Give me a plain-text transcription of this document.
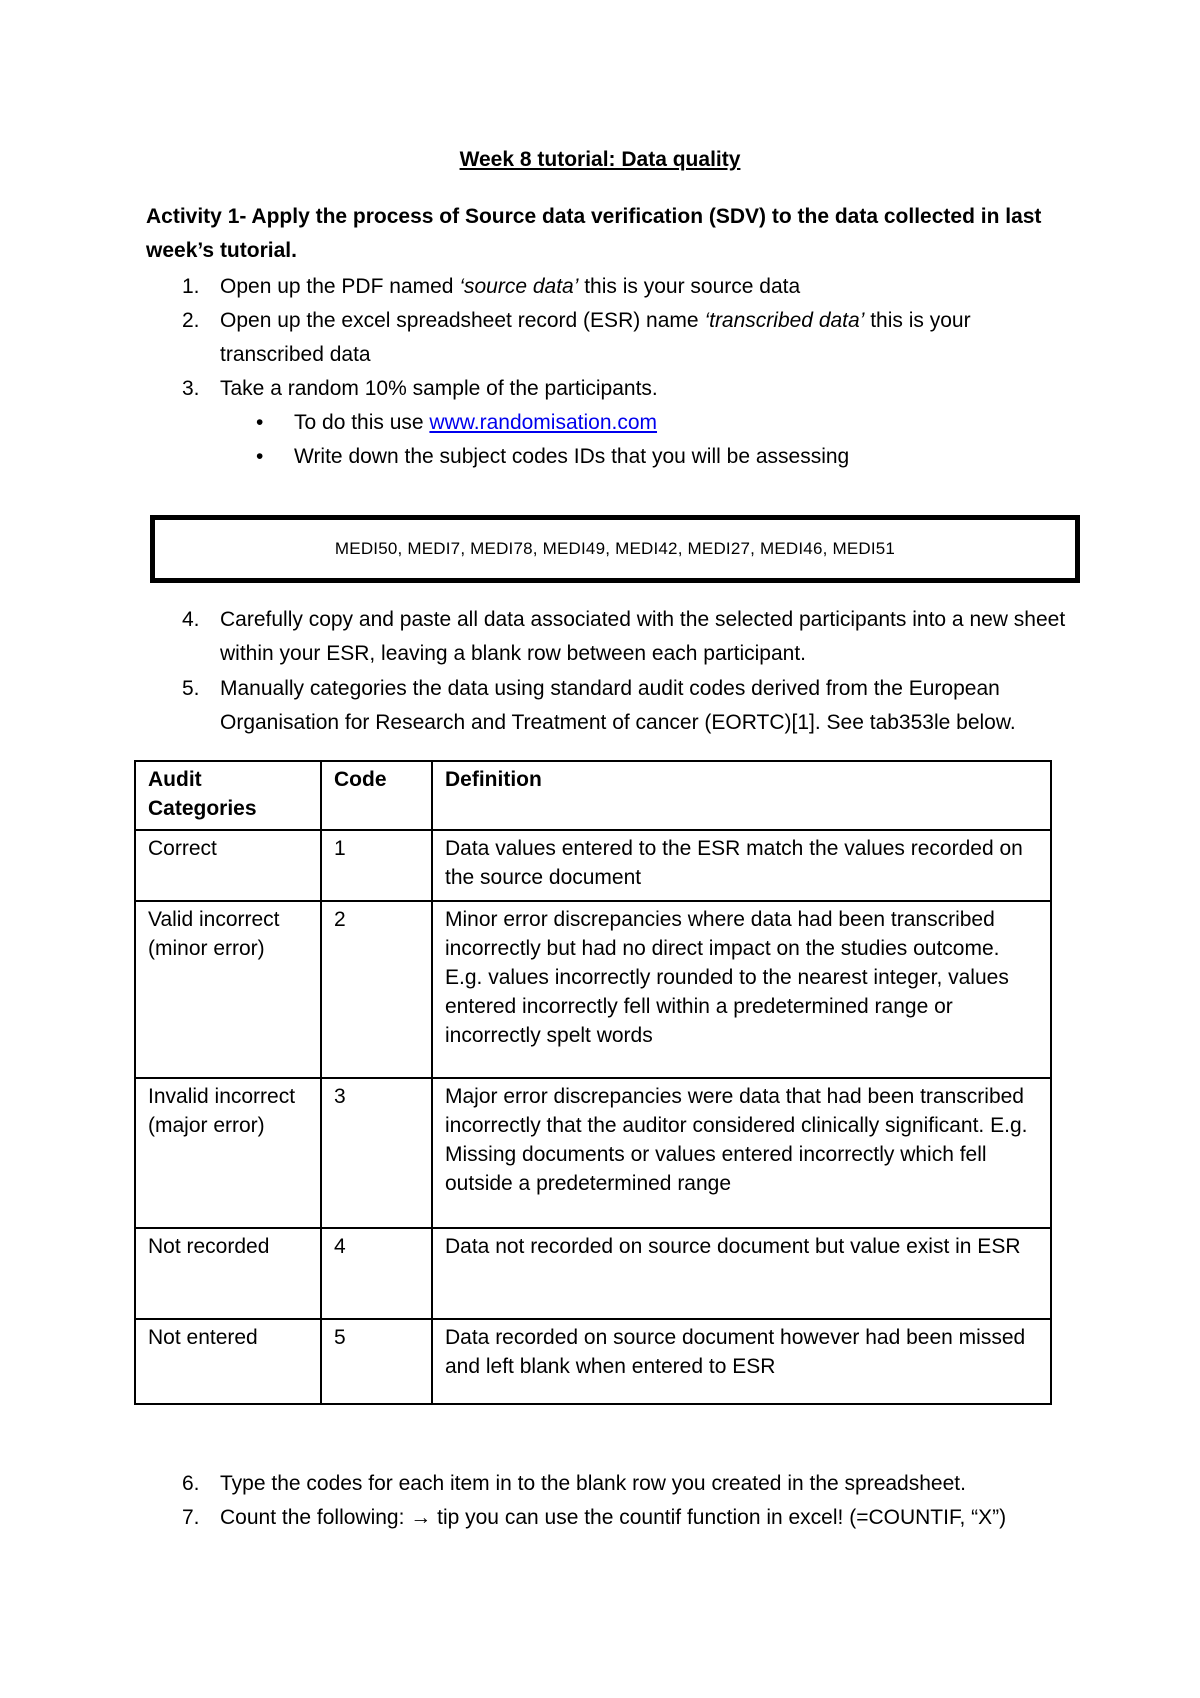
Week 8 tutorial: Data quality
Activity 1- Apply the process of Source data verification (SDV) to the data collected in last week’s tutorial.
1. Open up the PDF named ‘source data’ this is your source data
2. Open up the excel spreadsheet record (ESR) name ‘transcribed data’ this is your transcribed data
3. Take a random 10% sample of the participants.
• To do this use www.randomisation.com
• Write down the subject codes IDs that you will be assessing
MEDI50, MEDI7, MEDI78, MEDI49, MEDI42, MEDI27, MEDI46, MEDI51
4. Carefully copy and paste all data associated with the selected participants into a new sheet within your ESR, leaving a blank row between each participant.
5. Manually categories the data using standard audit codes derived from the European Organisation for Research and Treatment of cancer (EORTC)[1]. See tab353le below.
Audit Categories	Code	Definition
Correct	1	Data values entered to the ESR match the values recorded on the source document
Valid incorrect (minor error)	2	Minor error discrepancies where data had been transcribed incorrectly but had no direct impact on the studies outcome. E.g. values incorrectly rounded to the nearest integer, values entered incorrectly fell within a predetermined range or incorrectly spelt words
Invalid incorrect (major error)	3	Major error discrepancies were data that had been transcribed incorrectly that the auditor considered clinically significant. E.g. Missing documents or values entered incorrectly which fell outside a predetermined range
Not recorded	4	Data not recorded on source document but value exist in ESR
Not entered	5	Data recorded on source document however had been missed and left blank when entered to ESR
6. Type the codes for each item in to the blank row you created in the spreadsheet.
7. Count the following: → tip you can use the countif function in excel! (=COUNTIF, “X”)
